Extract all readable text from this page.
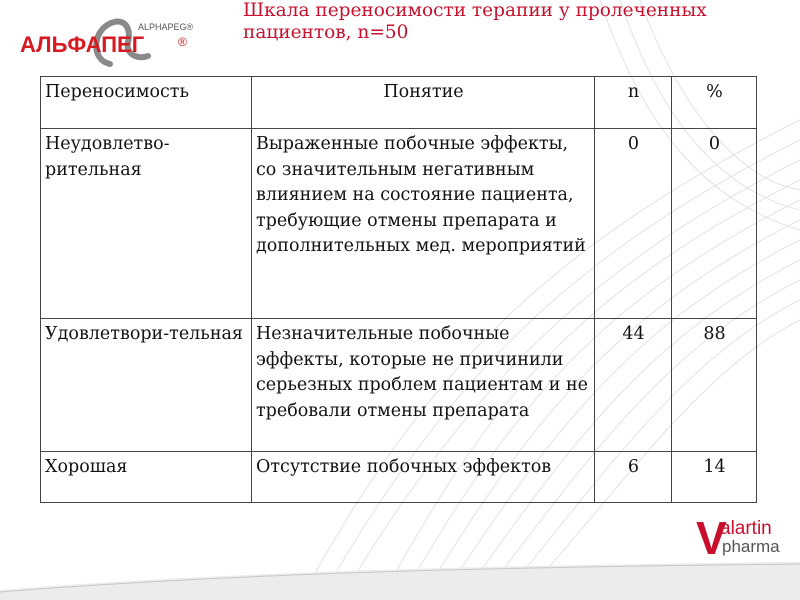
ALPHAPEG®
АЛЬФАПЕГ	®
Шкала переносимости терапии у пролеченных пациентов, n=50
Переносимость	Понятие	n	%
Неудовлетво-рительная	Выраженные побочные эффекты, со значительным негативным влиянием на состояние пациента, требующие отмены препарата и дополнительных мед. мероприятий	0	0
Удовлетвори-тельная	Незначительные побочные эффекты, которые не причинили серьезных проблем пациентам и не требовали отмены препарата	44	88
Хорошая	Отсутствие побочных эффектов	6	14
V
alartin
pharma
